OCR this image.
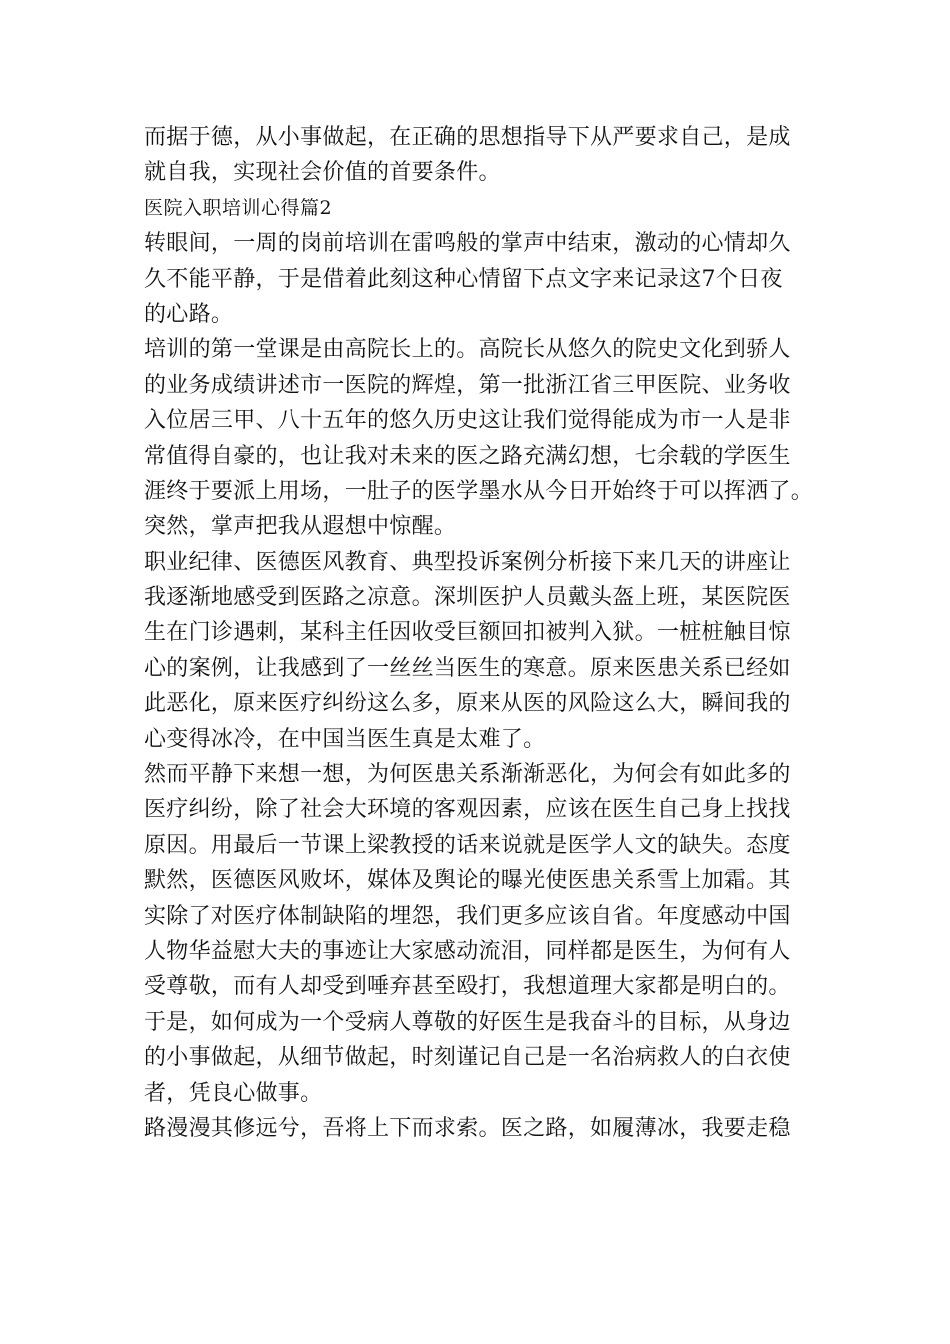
而据于德，从小事做起，在正确的思想指导下从严要求自己，是成
就自我，实现社会价值的首要条件。
医院入职培训心得篇2
转眼间，一周的岗前培训在雷鸣般的掌声中结束，激动的心情却久
久不能平静，于是借着此刻这种心情留下点文字来记录这7个日夜
的心路。
培训的第一堂课是由高院长上的。高院长从悠久的院史文化到骄人
的业务成绩讲述市一医院的辉煌，第一批浙江省三甲医院、业务收
入位居三甲、八十五年的悠久历史这让我们觉得能成为市一人是非
常值得自豪的，也让我对未来的医之路充满幻想，七余载的学医生
涯终于要派上用场，一肚子的医学墨水从今日开始终于可以挥洒了。
突然，掌声把我从遐想中惊醒。
职业纪律、医德医风教育、典型投诉案例分析接下来几天的讲座让
我逐渐地感受到医路之凉意。深圳医护人员戴头盔上班，某医院医
生在门诊遇刺，某科主任因收受巨额回扣被判入狱。一桩桩触目惊
心的案例，让我感到了一丝丝当医生的寒意。原来医患关系已经如
此恶化，原来医疗纠纷这么多，原来从医的风险这么大，瞬间我的
心变得冰冷，在中国当医生真是太难了。
然而平静下来想一想，为何医患关系渐渐恶化，为何会有如此多的
医疗纠纷，除了社会大环境的客观因素，应该在医生自己身上找找
原因。用最后一节课上梁教授的话来说就是医学人文的缺失。态度
默然，医德医风败坏，媒体及舆论的曝光使医患关系雪上加霜。其
实除了对医疗体制缺陷的埋怨，我们更多应该自省。年度感动中国
人物华益慰大夫的事迹让大家感动流泪，同样都是医生，为何有人
受尊敬，而有人却受到唾弃甚至殴打，我想道理大家都是明白的。
于是，如何成为一个受病人尊敬的好医生是我奋斗的目标，从身边
的小事做起，从细节做起，时刻谨记自己是一名治病救人的白衣使
者，凭良心做事。
路漫漫其修远兮，吾将上下而求索。医之路，如履薄冰，我要走稳
